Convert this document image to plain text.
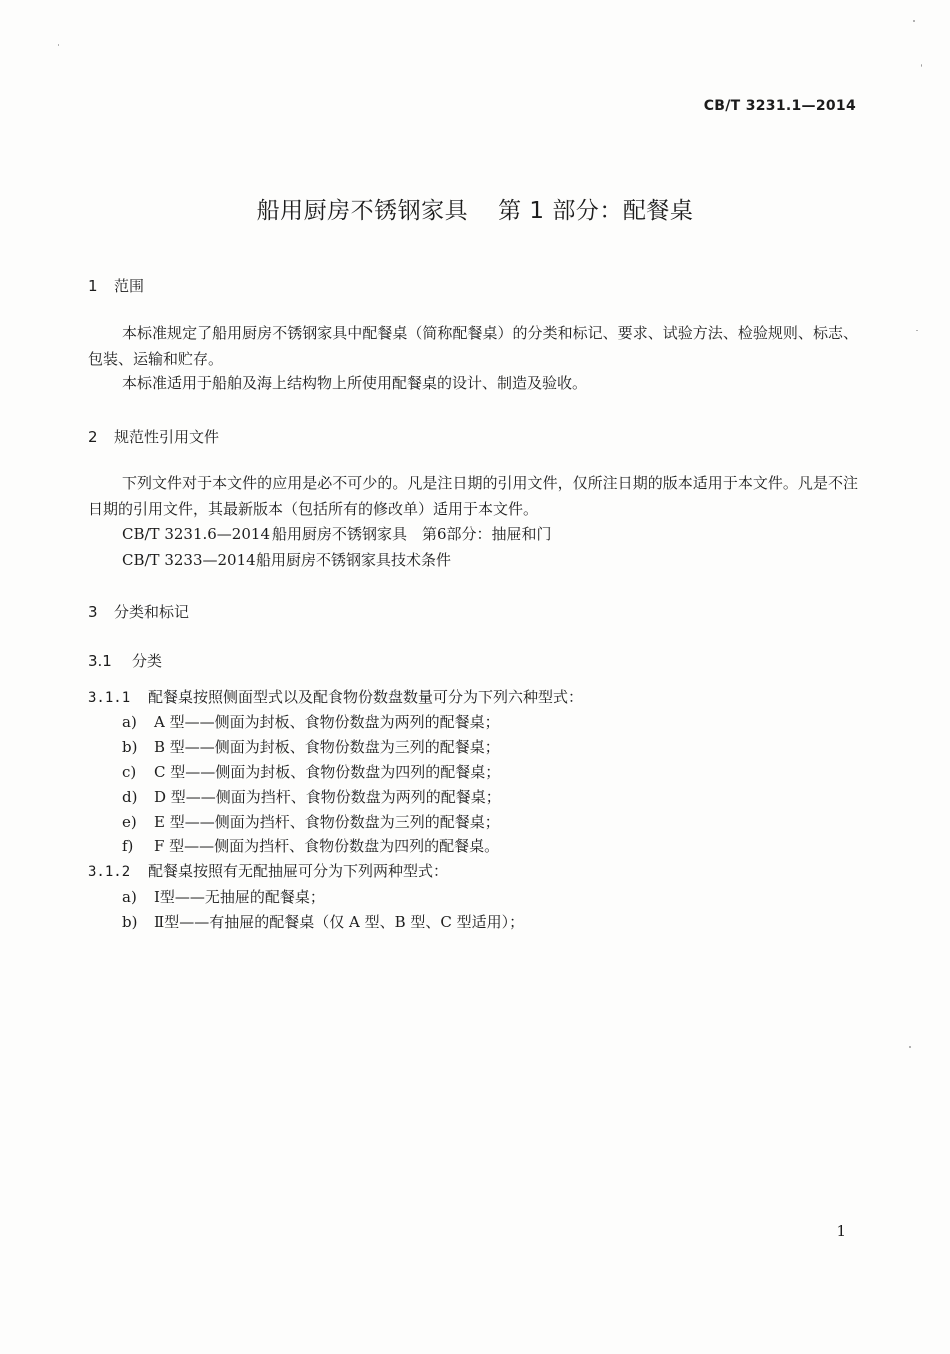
CB/T 3231.1—2014
船用厨房不锈钢家具 第 1 部分：配餐桌
1 范围
本标准规定了船用厨房不锈钢家具中配餐桌（简称配餐桌）的分类和标记、要求、试验方法、检验规则、标志、包装、运输和贮存。
本标准适用于船舶及海上结构物上所使用配餐桌的设计、制造及验收。
2 规范性引用文件
下列文件对于本文件的应用是必不可少的。凡是注日期的引用文件，仅所注日期的版本适用于本文件。凡是不注日期的引用文件，其最新版本（包括所有的修改单）适用于本文件。
CB/T 3231.6—2014 船用厨房不锈钢家具　第6部分：抽屉和门
CB/T 3233—2014船用厨房不锈钢家具技术条件
3 分类和标记
3.1 分类
3.1.1 配餐桌按照侧面型式以及配食物份数盘数量可分为下列六种型式：
a) A 型——侧面为封板、食物份数盘为两列的配餐桌；
b) B 型——侧面为封板、食物份数盘为三列的配餐桌；
c) C 型——侧面为封板、食物份数盘为四列的配餐桌；
d) D 型——侧面为挡杆、食物份数盘为两列的配餐桌；
e) E 型——侧面为挡杆、食物份数盘为三列的配餐桌；
f) F 型——侧面为挡杆、食物份数盘为四列的配餐桌。
3.1.2 配餐桌按照有无配抽屉可分为下列两种型式：
a) Ⅰ型——无抽屉的配餐桌；
b) Ⅱ型——有抽屉的配餐桌（仅 A 型、B 型、C 型适用）；
1
